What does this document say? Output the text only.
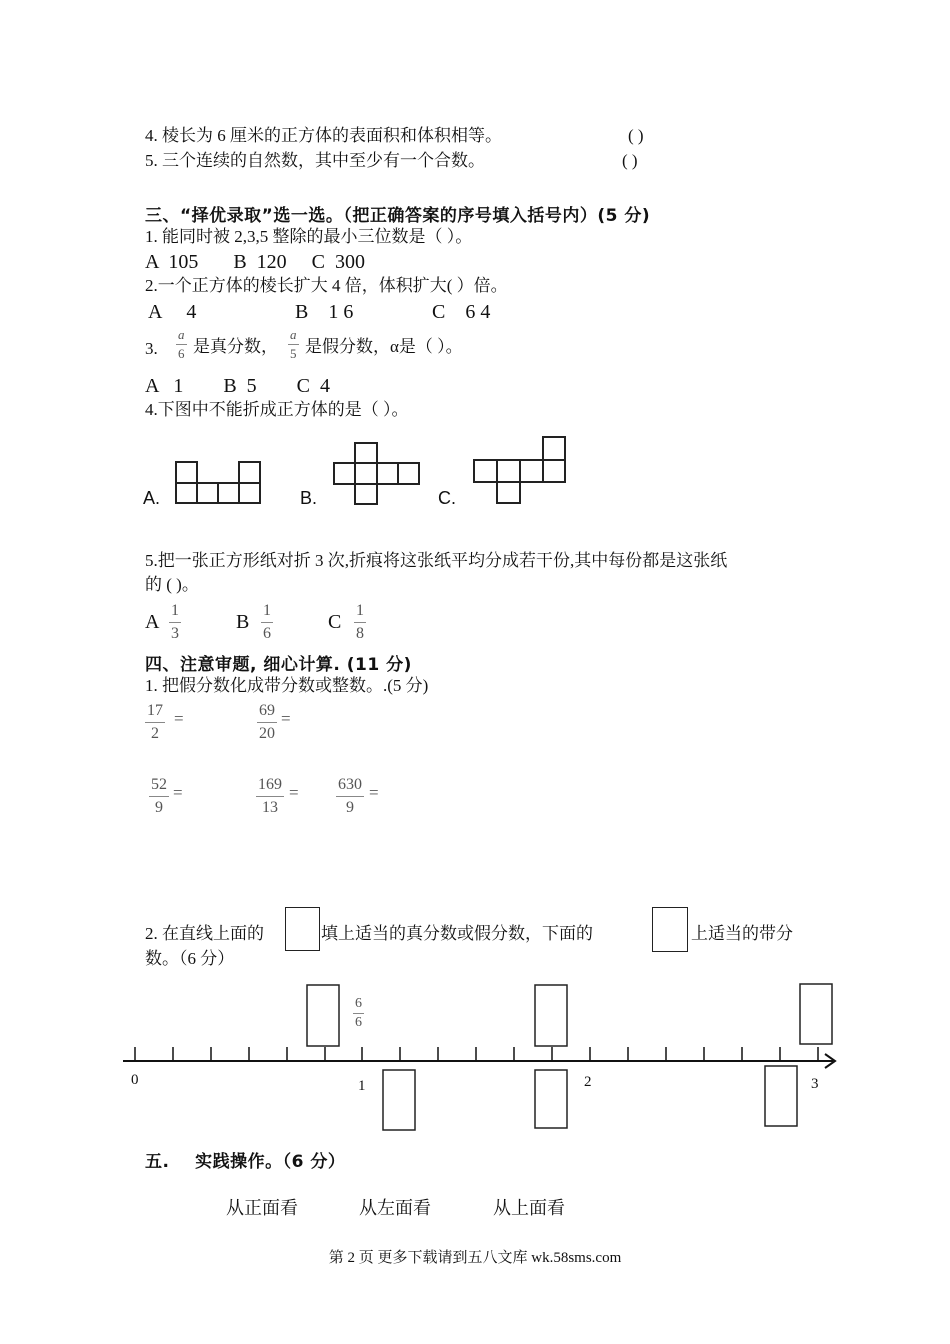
4. 棱长为 6 厘米的正方体的表面积和体积相等。	( )
5. 三个连续的自然数，其中至少有一个合数。	( )
三、“择优录取”选一选。（把正确答案的序号填入括号内）(5 分)
1. 能同时被 2,3,5 整除的最小三位数是（ ）。
A  105       B  120     C  300
2.一个正方体的棱长扩大 4 倍，体积扩大( ）倍。
A     4	B    1 6	C    6 4
3.
a
6 是真分数，
a
5 是假分数，α是（ ）。
A   1        B  5        C  4
4.下图中不能折成正方体的是（ ）。
A.	B.	C.
5.把一张正方形纸对折 3 次,折痕将这张纸平均分成若干份,其中每份都是这张纸
的 ( )。
A
1
3
B
1
6
C
1
8
四、注意审题, 细心计算. (11 分)
1. 把假分数化成带分数或整数。.(5 分)
17
2
=	69
20
=
52
9
=	169
13
= 630
9
=
2. 在直线上面的	填上适当的真分数或假分数，下面的	上适当的带分
数。（6 分）
6
6
0	1	2	3
五.    实践操作。（6 分）
从正面看	从左面看	从上面看
第 2 页 更多下载请到五八文库 wk.58sms.com
